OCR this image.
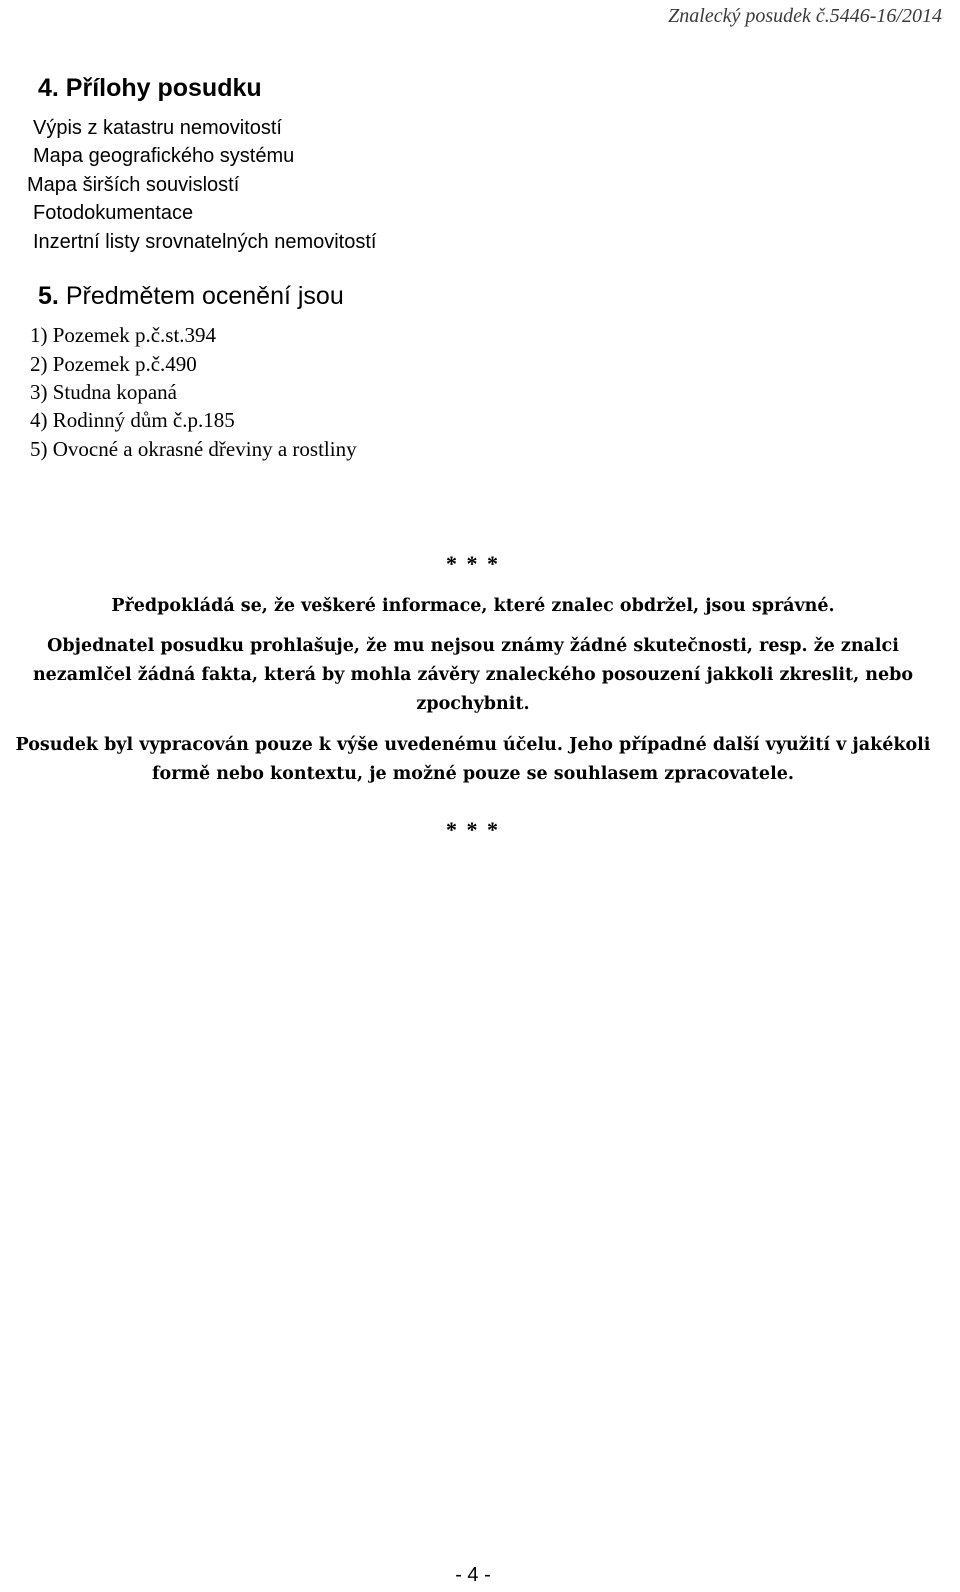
Znalecký posudek č.5446-16/2014
4. Přílohy posudku
Výpis z katastru nemovitostí
Mapa geografického systému
Mapa širších souvislostí
Fotodokumentace
Inzertní listy srovnatelných nemovitostí
5. Předmětem ocenění jsou
1) Pozemek p.č.st.394
2) Pozemek p.č.490
3) Studna kopaná
4) Rodinný dům č.p.185
5) Ovocné a okrasné dřeviny a rostliny
* * *

Předpokládá se, že veškeré informace, které znalec obdržel, jsou správné.

Objednatel posudku prohlašuje, že mu nejsou známy žádné skutečnosti, resp. že znalci nezamlčel žádná fakta, která by mohla závěry znaleckého posouzení jakkoli zkreslit, nebo zpochybnit.

Posudek byl vypracován pouze k výše uvedenému účelu. Jeho případné další využití v jakékoli formě nebo kontextu, je možné pouze se souhlasem zpracovatele.

* * *
- 4 -
